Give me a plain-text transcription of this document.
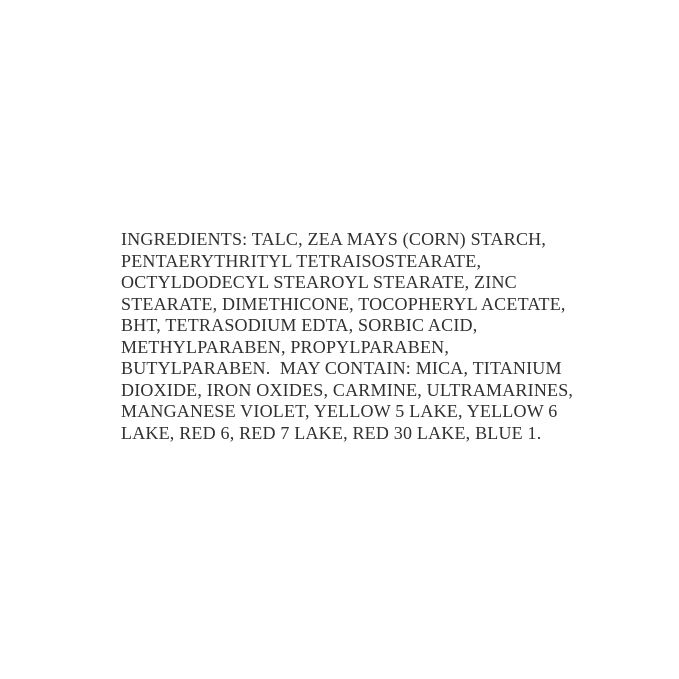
INGREDIENTS: TALC, ZEA MAYS (CORN) STARCH,
PENTAERYTHRITYL TETRAISOSTEARATE,
OCTYLDODECYL STEAROYL STEARATE, ZINC
STEARATE, DIMETHICONE, TOCOPHERYL ACETATE,
BHT, TETRASODIUM EDTA, SORBIC ACID,
METHYLPARABEN, PROPYLPARABEN,
BUTYLPARABEN.  MAY CONTAIN: MICA, TITANIUM
DIOXIDE, IRON OXIDES, CARMINE, ULTRAMARINES,
MANGANESE VIOLET, YELLOW 5 LAKE, YELLOW 6
LAKE, RED 6, RED 7 LAKE, RED 30 LAKE, BLUE 1.
